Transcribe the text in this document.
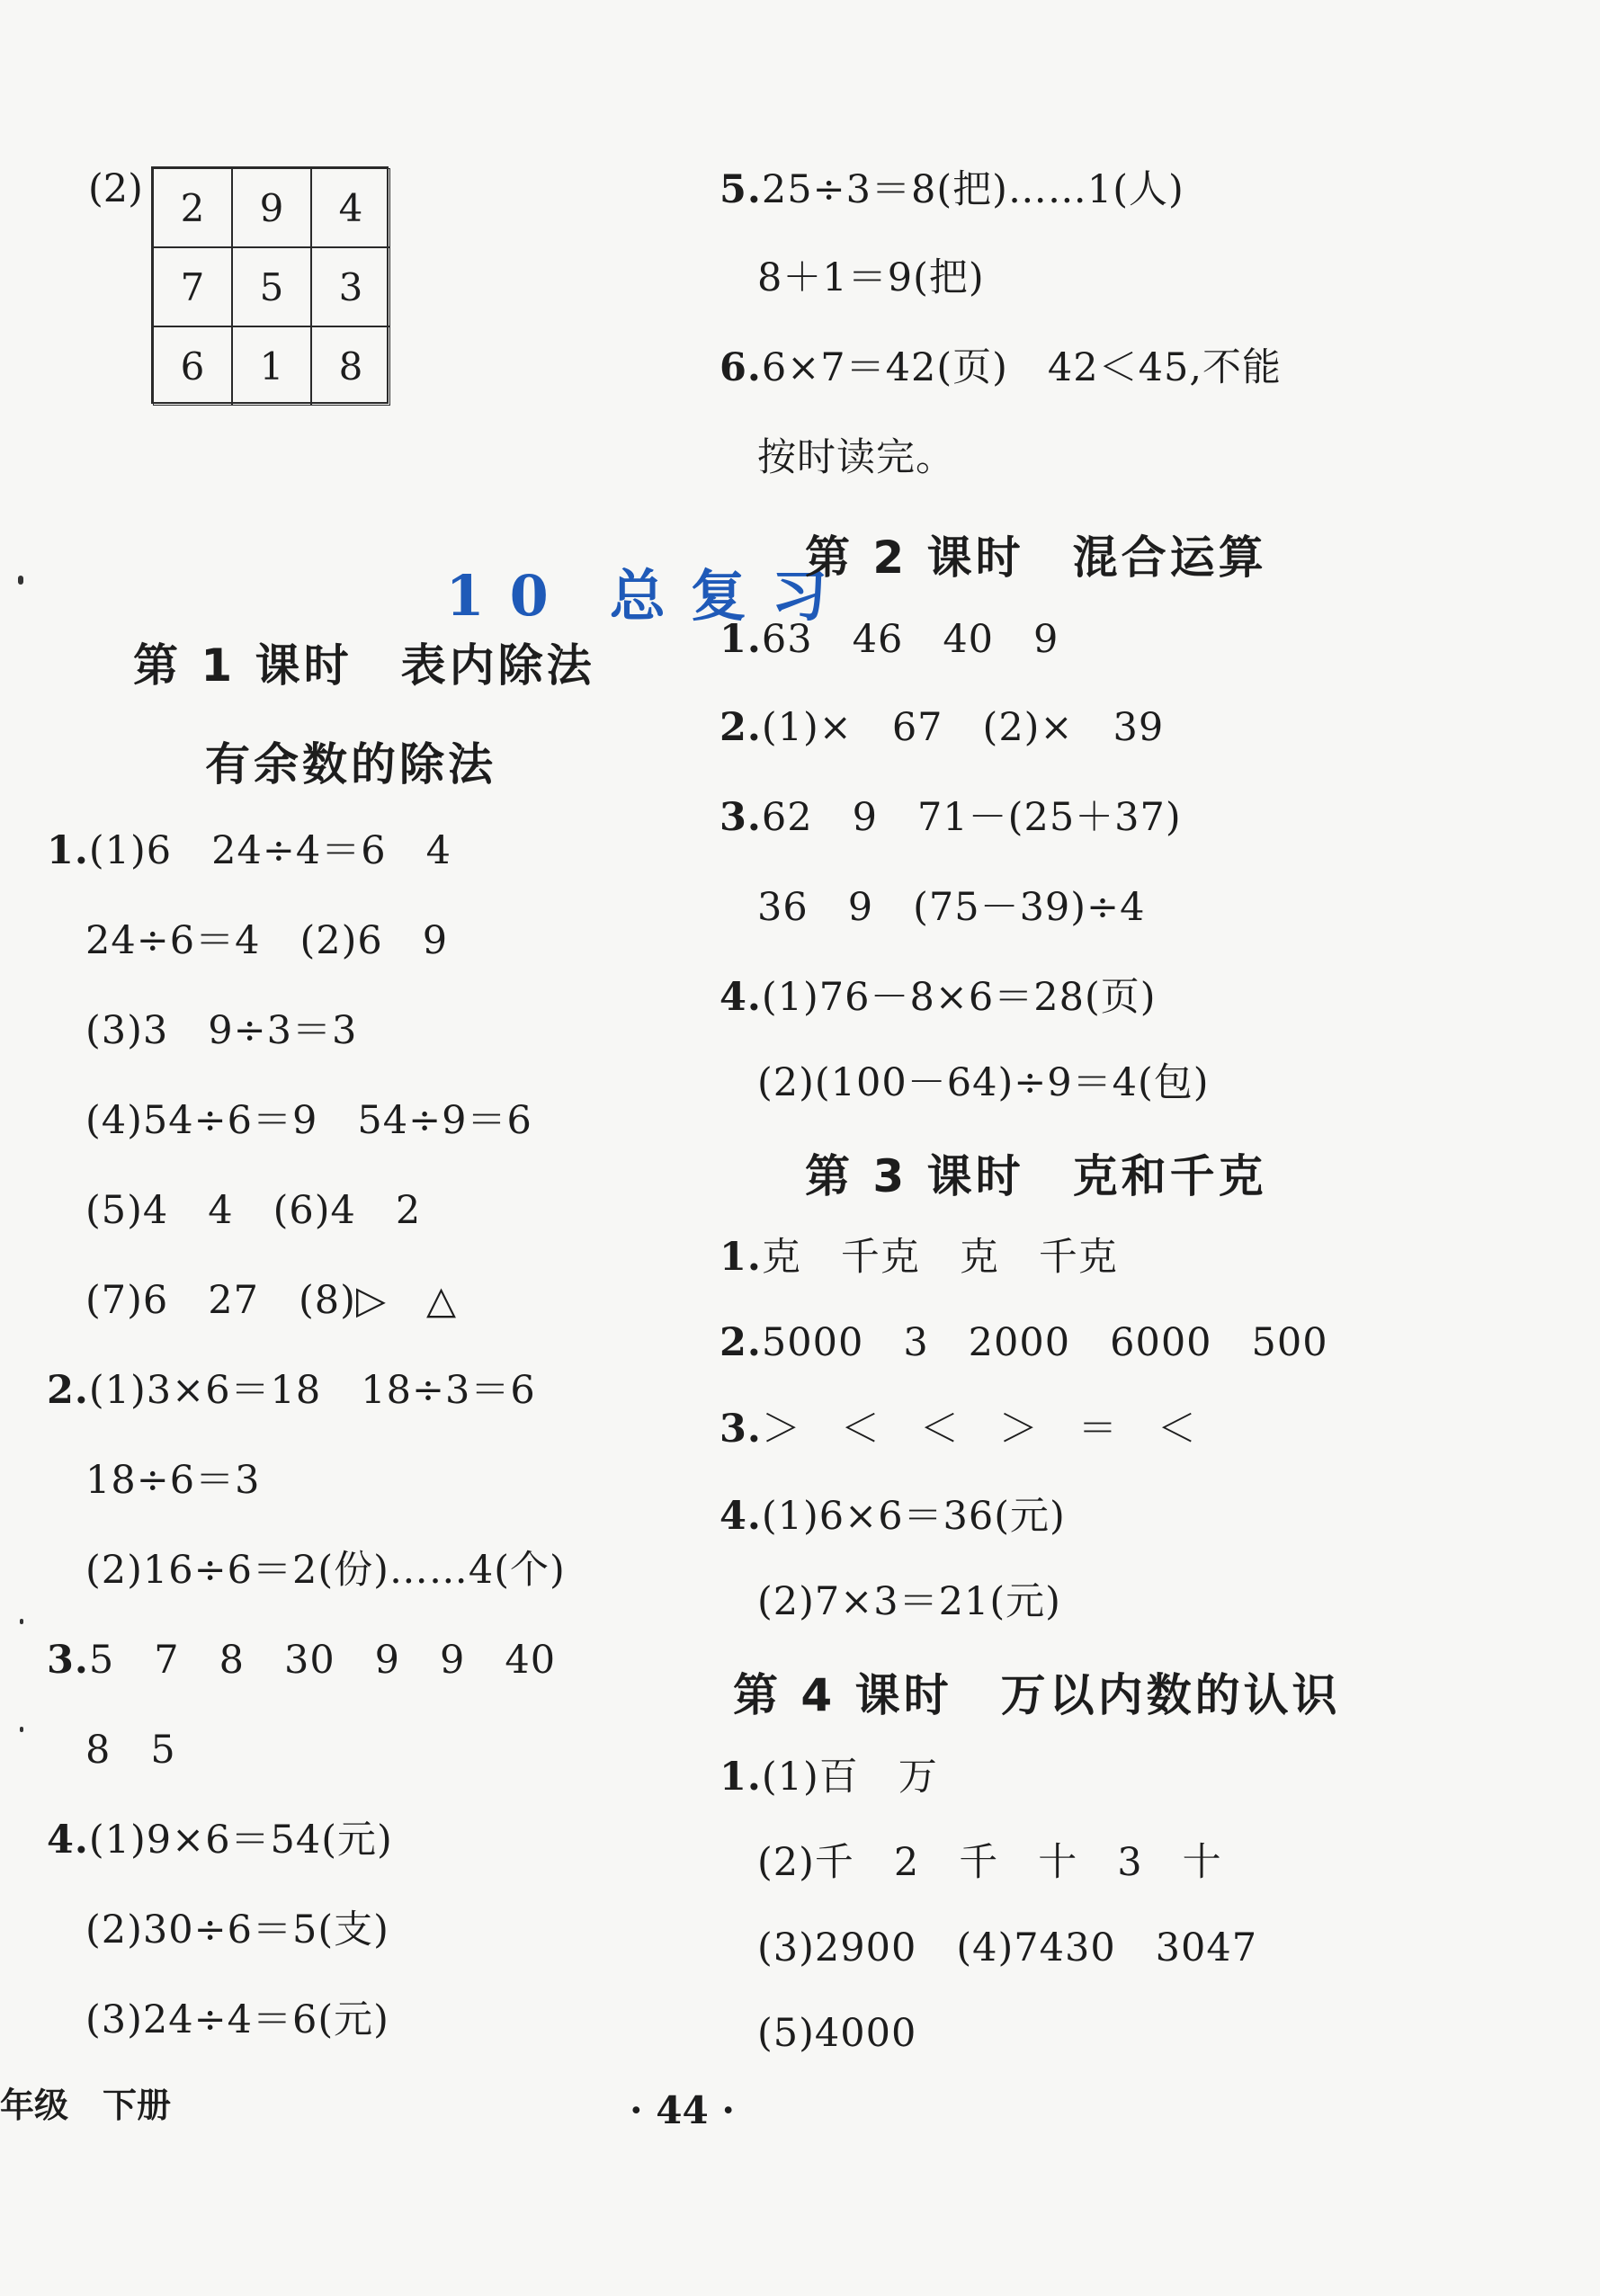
(2) 2	9	4
7	5	3
6	1	8

10 总复习

第 1 课时　表内除法
有余数的除法
1.(1)6　24÷4＝6　4
24÷6＝4　(2)6　9
(3)3　9÷3＝3
(4)54÷6＝9　54÷9＝6
(5)4　4　(6)4　2
(7)6　27　(8)▷　△
2.(1)3×6＝18　18÷3＝6
18÷6＝3
(2)16÷6＝2(份)……4(个)
3.5　7　8　30　9　9　40
8　5
4.(1)9×6＝54(元)
(2)30÷6＝5(支)
(3)24÷4＝6(元)
5.25÷3＝8(把)……1(人)
8＋1＝9(把)
6.6×7＝42(页)　42＜45,不能
按时读完。
第 2 课时　混合运算
1.63　46　40　9
2.(1)×　67　(2)×　39
3.62　9　71－(25＋37)
36　9　(75－39)÷4
4.(1)76－8×6＝28(页)
(2)(100－64)÷9＝4(包)
第 3 课时　克和千克
1.克　千克　克　千克
2.5000　3　2000　6000　500
3.＞　＜　＜　＞　＝　＜
4.(1)6×6＝36(元)
(2)7×3＝21(元)
第 4 课时　万以内数的认识
1.(1)百　万
(2)千　2　千　十　3　十
(3)2900　(4)7430　3047
(5)4000
年级　下册	· 44 ·
